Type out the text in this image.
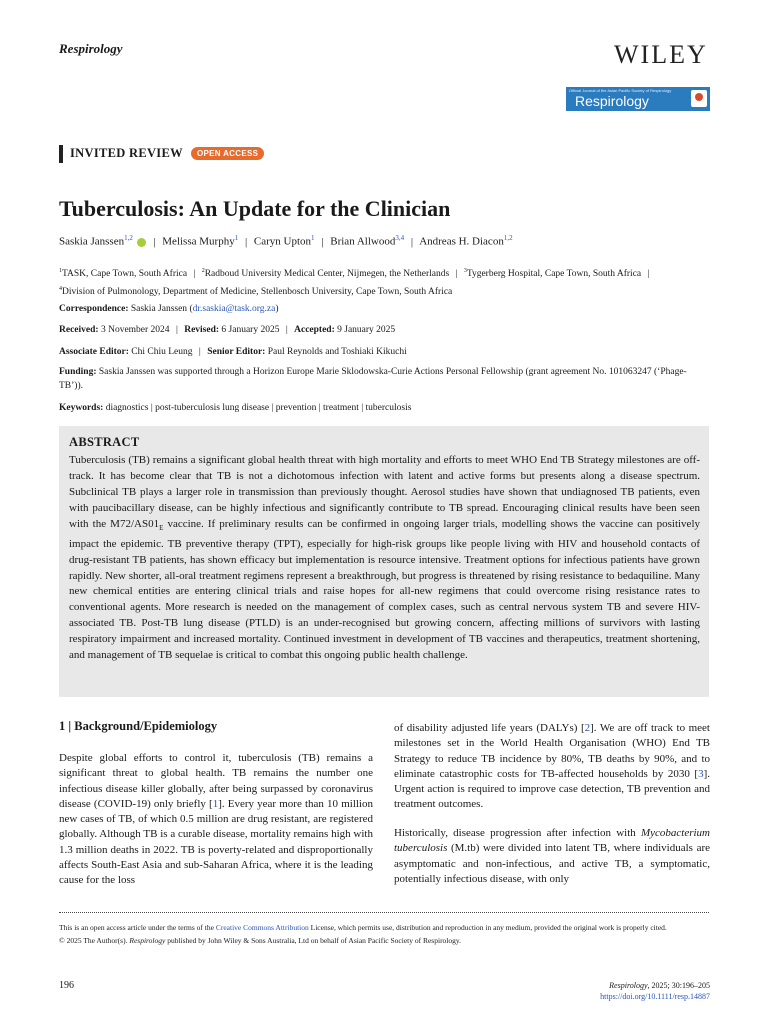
Respirology	WILEY
Official Journal of the Asian Pacific Society of Respirology
Respirology
INVITED REVIEW	OPEN ACCESS
Tuberculosis: An Update for the Clinician
Saskia Janssen$^{1,2}$ | Melissa Murphy$^1$ | Caryn Upton$^1$ | Brian Allwood$^{3,4}$ | Andreas H. Diacon$^{1,2}$
$^1$TASK, Cape Town, South Africa | $^2$Radboud University Medical Center, Nijmegen, the Netherlands | $^3$Tygerberg Hospital, Cape Town, South Africa | $^4$Division of Pulmonology, Department of Medicine, Stellenbosch University, Cape Town, South Africa
Correspondence: Saskia Janssen (dr.saskia@task.org.za)
Received: 3 November 2024 | Revised: 6 January 2025 | Accepted: 9 January 2025
Associate Editor: Chi Chiu Leung | Senior Editor: Paul Reynolds and Toshiaki Kikuchi
Funding: Saskia Janssen was supported through a Horizon Europe Marie Sklodowska-Curie Actions Personal Fellowship (grant agreement No. 101063247 (‘Phage-TB’)).
Keywords: diagnostics | post-tuberculosis lung disease | prevention | treatment | tuberculosis
ABSTRACT
Tuberculosis (TB) remains a significant global health threat with high mortality and efforts to meet WHO End TB Strategy milestones are off-track. It has become clear that TB is not a dichotomous infection with latent and active forms but presents along a disease spectrum. Subclinical TB plays a larger role in transmission than previously thought. Aerosol studies have shown that undiagnosed TB patients, even with paucibacillary disease, can be highly infectious and significantly contribute to TB spread. Encouraging clinical results have been seen with the $M72/AS01_E$ vaccine. If preliminary results can be confirmed in ongoing larger trials, modelling shows the vaccine can positively impact the epidemic. TB preventive therapy (TPT), especially for high-risk groups like people living with HIV and household contacts of drug-resistant TB patients, has shown efficacy but implementation is resource intensive. Treatment options for infectious patients have grown rapidly. New shorter, all-oral treatment regimens represent a breakthrough, but progress is threatened by rising resistance to bedaquiline. Many new chemical entities are entering clinical trials and raise hopes for all-new regimens that could overcome rising resistance rates to conventional agents. More research is needed on the management of complex cases, such as central nervous system TB and severe HIV-associated TB. Post-TB lung disease (PTLD) is an under-recognised but growing concern, affecting millions of survivors with lasting respiratory impairment and increased mortality. Continued investment in development of TB vaccines and therapeutics, treatment shortening, and management of TB sequelae is critical to combat this ongoing public health challenge.
1 | Background/Epidemiology
Despite global efforts to control it, tuberculosis (TB) remains a significant threat to global health. TB remains the number one infectious disease killer globally, after being surpassed by coronavirus disease (COVID-19) only briefly [1]. Every year more than 10 million new cases of TB, of which 0.5 million are drug resistant, are registered globally. Although TB is a curable disease, mortality remains high with 1.3 million deaths in 2022. TB is poverty-related and disproportionally affects South-East Asia and sub-Saharan Africa, where it is the leading cause for the loss
of disability adjusted life years (DALYs) [2]. We are off track to meet milestones set in the World Health Organisation (WHO) End TB Strategy to reduce TB incidence by 80%, TB deaths by 90%, and to eliminate catastrophic costs for TB-affected households by 2030 [3]. Urgent action is required to improve case detection, TB prevention and treatment outcomes.
Historically, disease progression after infection with Mycobacterium tuberculosis (M.tb) were divided into latent TB, where individuals are asymptomatic and non-infectious, and active TB, a symptomatic, potentially infectious disease, with only
This is an open access article under the terms of the Creative Commons Attribution License, which permits use, distribution and reproduction in any medium, provided the original work is properly cited.
© 2025 The Author(s). Respirology published by John Wiley & Sons Australia, Ltd on behalf of Asian Pacific Society of Respirology.
196	Respirology, 2025; 30:196–205
https://doi.org/10.1111/resp.14887
